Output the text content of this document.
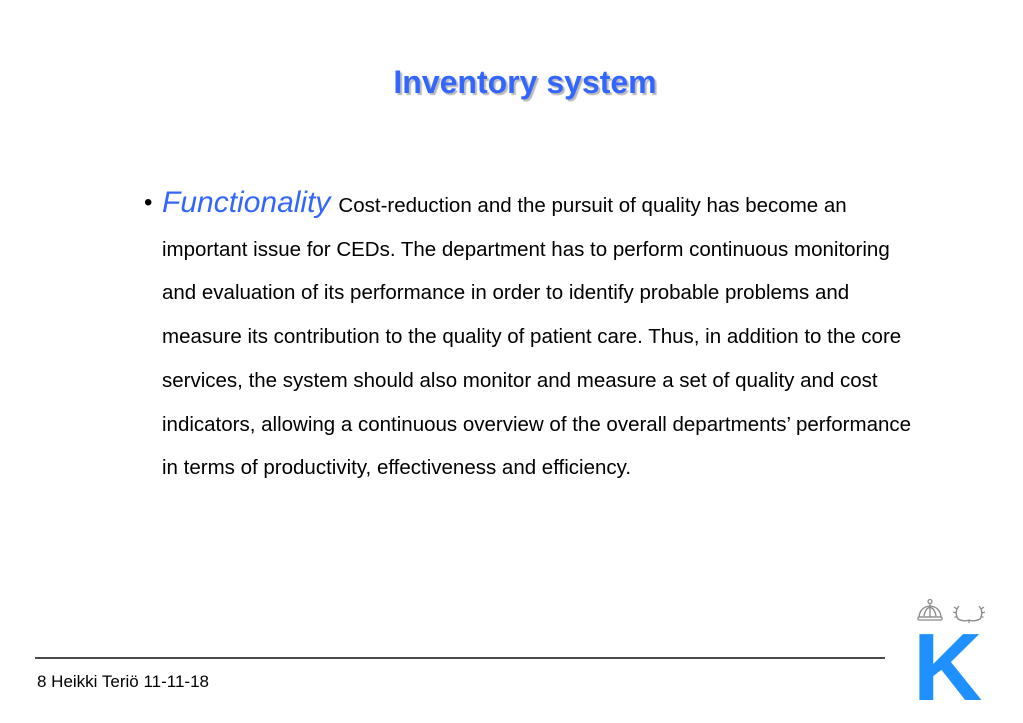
Inventory system

• Functionality Cost-reduction and the pursuit of quality has become an important issue for CEDs. The department has to perform continuous monitoring and evaluation of its performance in order to identify probable problems and measure its contribution to the quality of patient care. Thus, in addition to the core services, the system should also monitor and measure a set of quality and cost indicators, allowing a continuous overview of the overall departments’ performance in terms of productivity, effectiveness and efficiency.

8 Heikki Teriö 11-11-18	K
